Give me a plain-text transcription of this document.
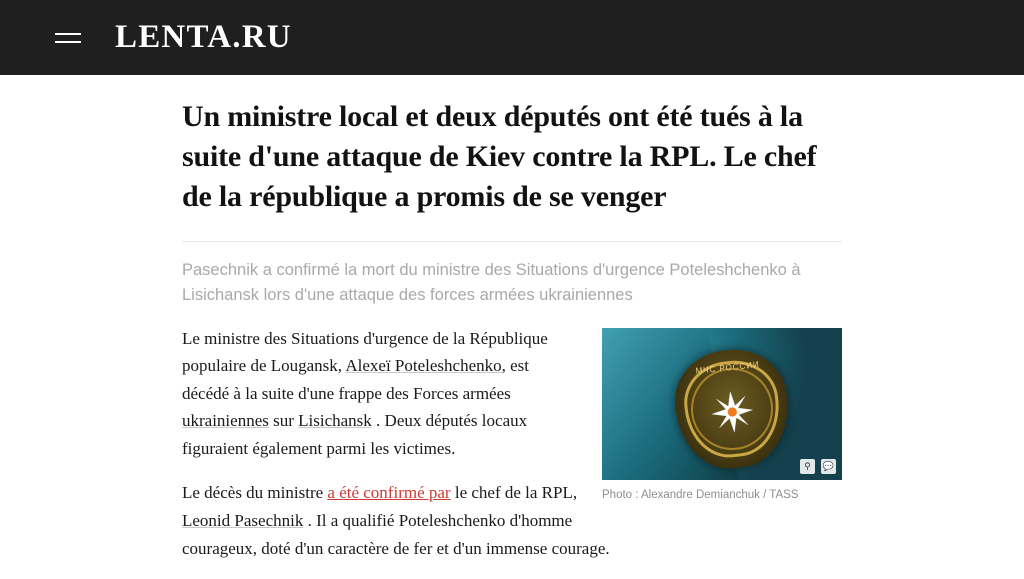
LENTA.RU
Un ministre local et deux députés ont été tués à la suite d'une attaque de Kiev contre la RPL. Le chef de la république a promis de se venger
Pasechnik a confirmé la mort du ministre des Situations d'urgence Poteleshchenko à Lisichansk lors d'une attaque des forces armées ukrainiennes
МЧС РОССИИ
⚲	💬
Photo : Alexandre Demianchuk / TASS

Le ministre des Situations d'urgence de la République populaire de Lougansk, Alexeï Poteleshchenko, est décédé à la suite d'une frappe des Forces armées ukrainiennes sur Lisichansk . Deux députés locaux figuraient également parmi les victimes.

Le décès du ministre a été confirmé par le chef de la RPL, Leonid Pasechnik . Il a qualifié Poteleshchenko d'homme courageux, doté d'un caractère de fer et d'un immense courage.
